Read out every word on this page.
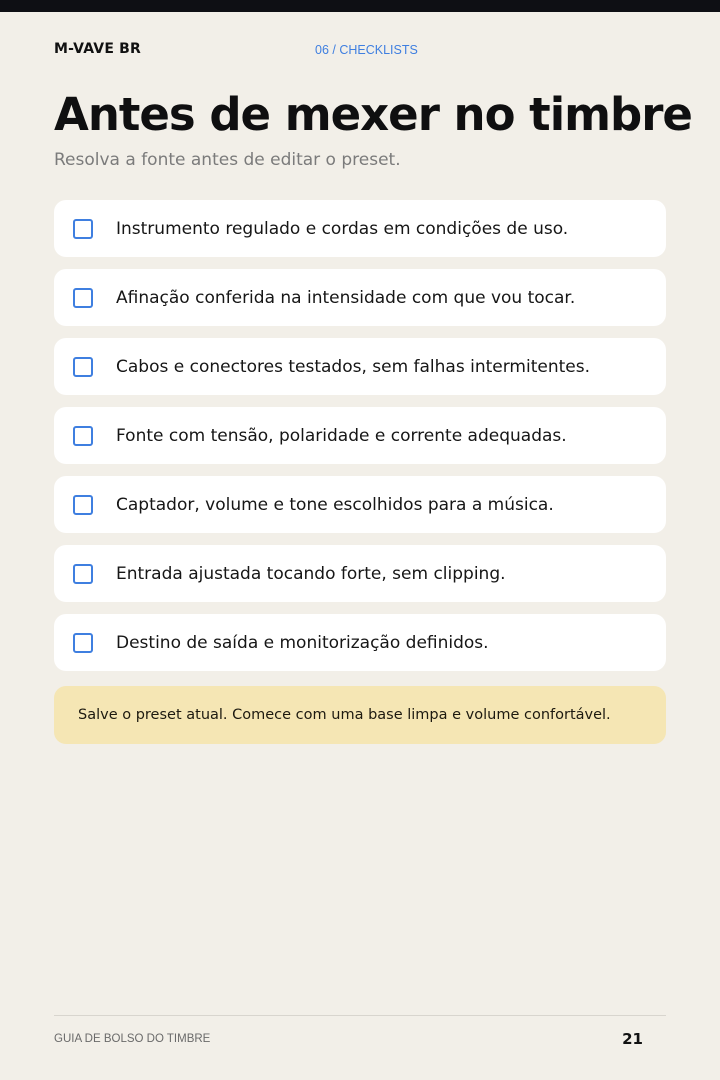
M-VAVE BR	06 / CHECKLISTS
Antes de mexer no timbre
Resolva a fonte antes de editar o preset.
Instrumento regulado e cordas em condições de uso.
Afinação conferida na intensidade com que vou tocar.
Cabos e conectores testados, sem falhas intermitentes.
Fonte com tensão, polaridade e corrente adequadas.
Captador, volume e tone escolhidos para a música.
Entrada ajustada tocando forte, sem clipping.
Destino de saída e monitorização definidos.
Salve o preset atual. Comece com uma base limpa e volume confortável.
GUIA DE BOLSO DO TIMBRE	21
